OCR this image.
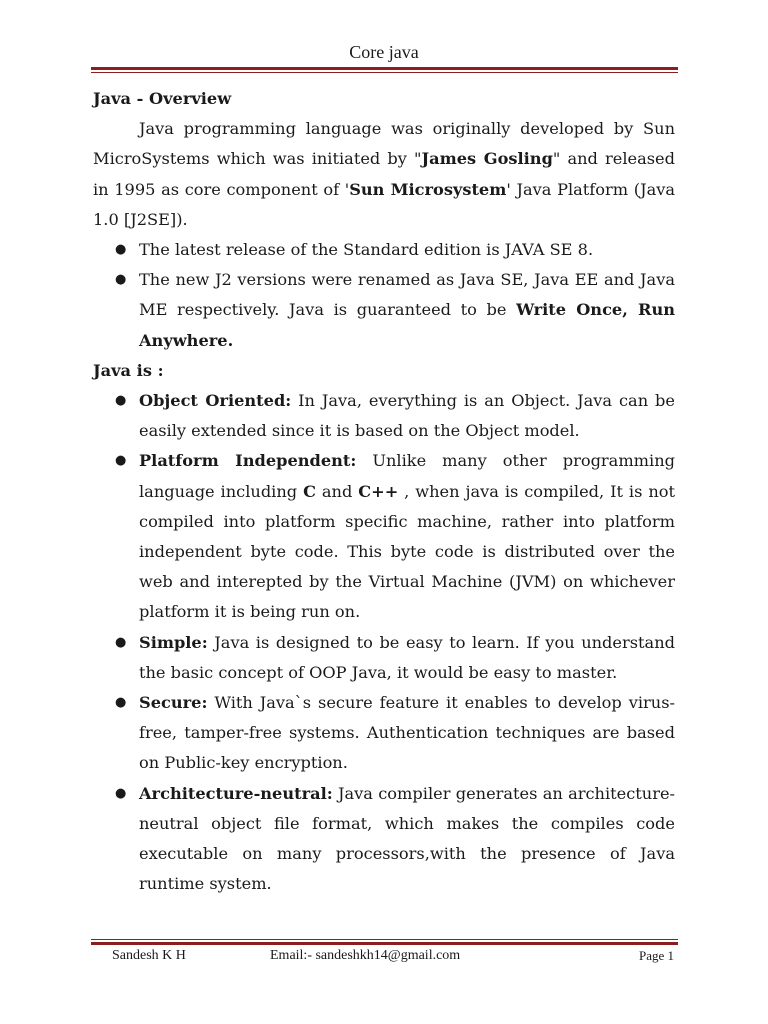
Core java

Java - Overview

Java programming language was originally developed by Sun MicroSystems which was initiated by "James Gosling" and released in 1995 as core component of 'Sun Microsystem' Java Platform (Java 1.0 [J2SE]).

● The latest release of the Standard edition is JAVA SE 8.
● The new J2 versions were renamed as Java SE, Java EE and Java ME respectively. Java is guaranteed to be Write Once, Run Anywhere.

Java is :

● Object Oriented: In Java, everything is an Object. Java can be easily extended since it is based on the Object model.
● Platform Independent: Unlike many other programming language including C and C++ , when java is compiled, It is not compiled into platform specific machine, rather into platform independent byte code. This byte code is distributed over the web and interepted by the Virtual Machine (JVM) on whichever platform it is being run on.
● Simple: Java is designed to be easy to learn. If you understand the basic concept of OOP Java, it would be easy to master.
● Secure: With Java`s secure feature it enables to develop virus-free, tamper-free systems. Authentication techniques are based on Public-key encryption.
● Architecture-neutral: Java compiler generates an architecture-neutral object file format, which makes the compiles code executable on many processors,with the presence of Java runtime system.
Sandesh K H	Email:- sandeshkh14@gmail.com	Page 1
